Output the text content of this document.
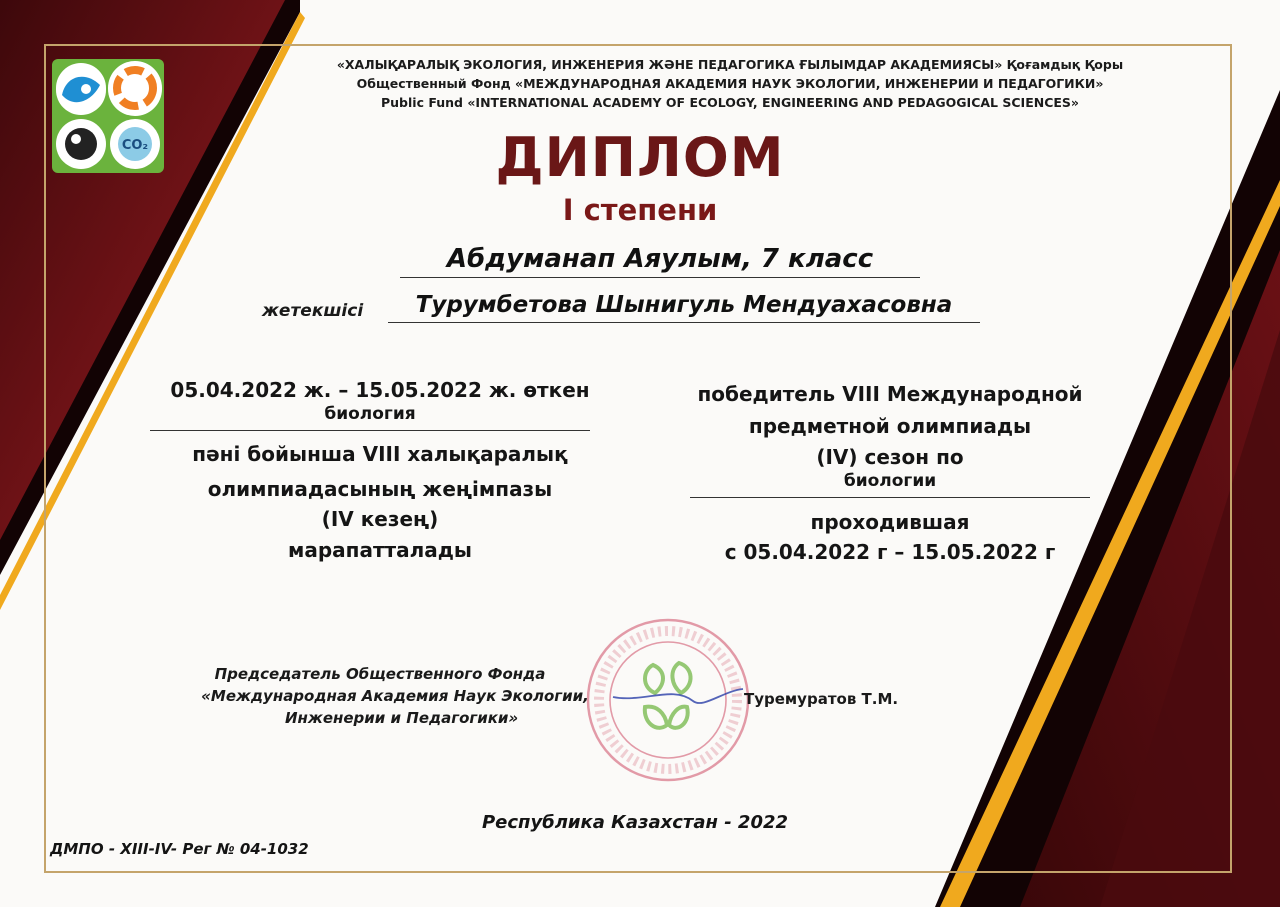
CO₂
«ХАЛЫҚАРАЛЫҚ ЭКОЛОГИЯ, ИНЖЕНЕРИЯ ЖӘНЕ ПЕДАГОГИКА ҒЫЛЫМДАР АКАДЕМИЯСЫ» Қоғамдық Қоры
Общественный Фонд «МЕЖДУНАРОДНАЯ АКАДЕМИЯ НАУК ЭКОЛОГИИ, ИНЖЕНЕРИИ И ПЕДАГОГИКИ»
Public Fund «INTERNATIONAL ACADEMY OF ECOLOGY, ENGINEERING AND PEDAGOGICAL SCIENCES»
ДИПЛОМ
I степени
Абдуманап Аяулым, 7 класс
жетекшісі	Турумбетова Шынигуль Мендуахасовна
05.04.2022 ж. – 15.05.2022 ж. өткен
биология
пәні бойынша VIII халықаралық
олимпиадасының жеңімпазы
(IV кезең)
марапатталады
победитель VIII Международной
предметной олимпиады
(IV) сезон по
биологии
проходившая
с 05.04.2022 г – 15.05.2022 г
Председатель Общественного Фонда
«Международная Академия Наук Экологии,
Инженерии и Педагогики»
Туремуратов Т.М.
Республика Казахстан - 2022
ДМПО - XIII-IV- Рег № 04-1032
